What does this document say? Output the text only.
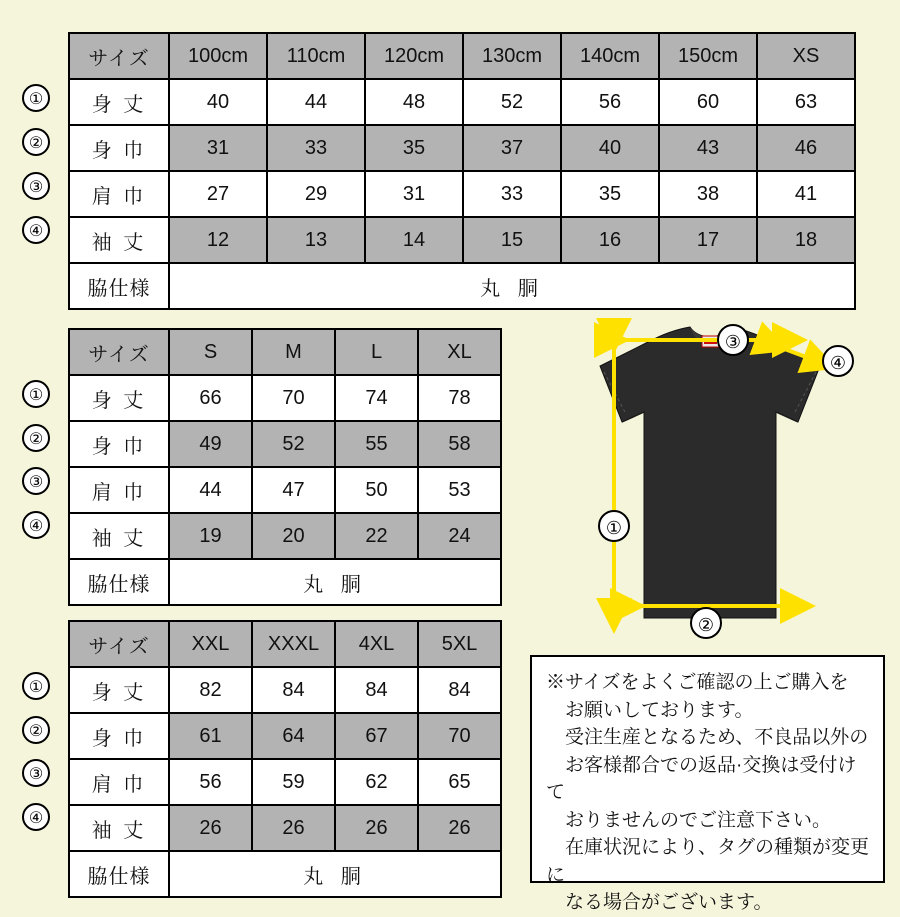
①
②
③
④
サイズ	100cm	110cm	120cm	130cm	140cm	150cm	XS
身 丈	40	44	48	52	56	60	63
身 巾	31	33	35	37	40	43	46
肩 巾	27	29	31	33	35	38	41
袖 丈	12	13	14	15	16	17	18
脇仕様	丸 胴						
①
②
③
④
サイズ	S	M	L	XL
身 丈	66	70	74	78
身 巾	49	52	55	58
肩 巾	44	47	50	53
袖 丈	19	20	22	24
脇仕様	丸 胴			
①
②
③
④
サイズ	XXL	XXXL	4XL	5XL
身 丈	82	84	84	84
身 巾	61	64	67	70
肩 巾	56	59	62	65
袖 丈	26	26	26	26
脇仕様	丸 胴			
③
④
①
②

※サイズをよくご確認の上ご購入を

お願いしております。

受注生産となるため、不良品以外の

お客様都合での返品·交換は受付けて

おりませんのでご注意下さい。

在庫状況により、タグの種類が変更に

なる場合がございます。
